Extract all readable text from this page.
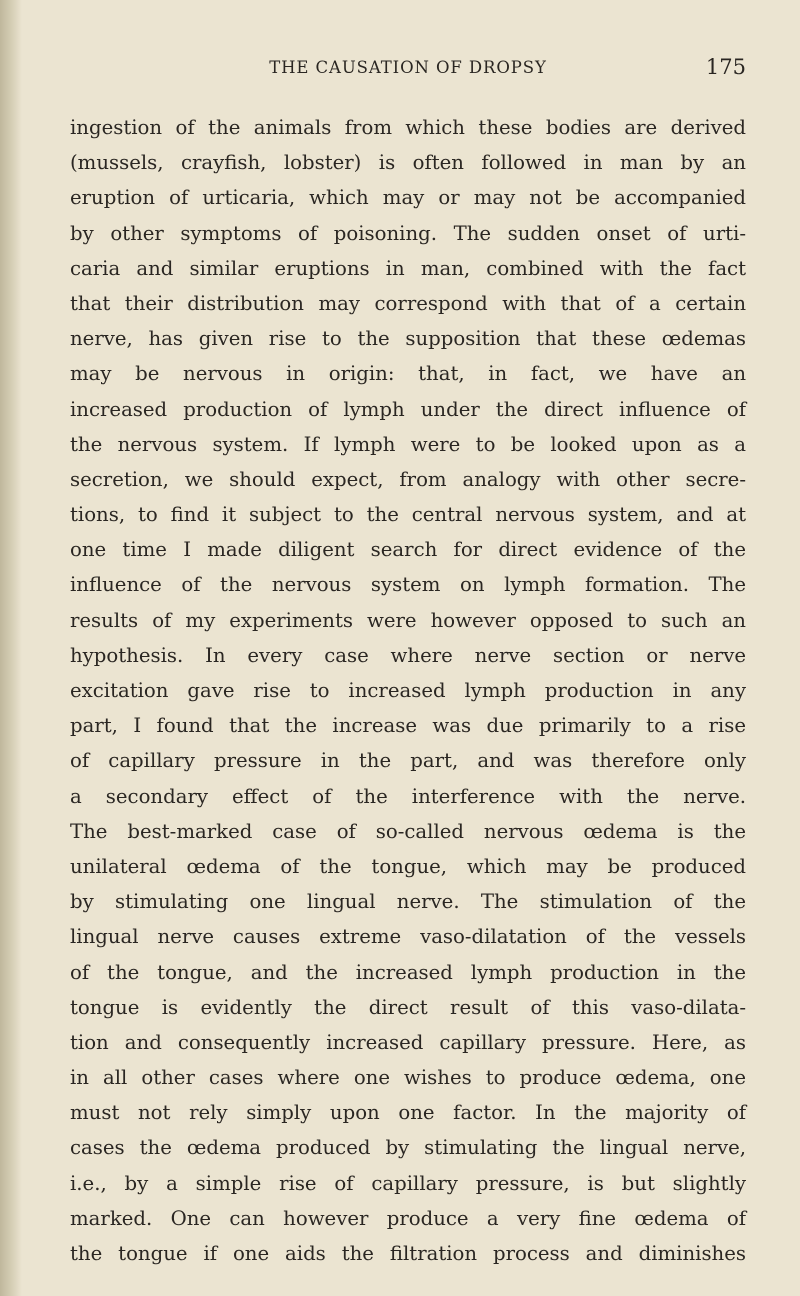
THE CAUSATION OF DROPSY	175
ingestion of the animals from which these bodies are derived
(mussels, crayfish, lobster) is often followed in man by an
eruption of urticaria, which may or may not be accompanied
by other symptoms of poisoning. The sudden onset of urti-
caria and similar eruptions in man, combined with the fact
that their distribution may correspond with that of a certain
nerve, has given rise to the supposition that these œdemas
may be nervous in origin: that, in fact, we have an
increased production of lymph under the direct influence of
the nervous system. If lymph were to be looked upon as a
secretion, we should expect, from analogy with other secre-
tions, to find it subject to the central nervous system, and at
one time I made diligent search for direct evidence of the
influence of the nervous system on lymph formation. The
results of my experiments were however opposed to such an
hypothesis. In every case where nerve section or nerve
excitation gave rise to increased lymph production in any
part, I found that the increase was due primarily to a rise
of capillary pressure in the part, and was therefore only
a secondary effect of the interference with the nerve.
The best-marked case of so-called nervous œdema is the
unilateral œdema of the tongue, which may be produced
by stimulating one lingual nerve. The stimulation of the
lingual nerve causes extreme vaso-dilatation of the vessels
of the tongue, and the increased lymph production in the
tongue is evidently the direct result of this vaso-dilata-
tion and consequently increased capillary pressure. Here, as
in all other cases where one wishes to produce œdema, one
must not rely simply upon one factor. In the majority of
cases the œdema produced by stimulating the lingual nerve,
i.e., by a simple rise of capillary pressure, is but slightly
marked. One can however produce a very fine œdema of
the tongue if one aids the filtration process and diminishes
